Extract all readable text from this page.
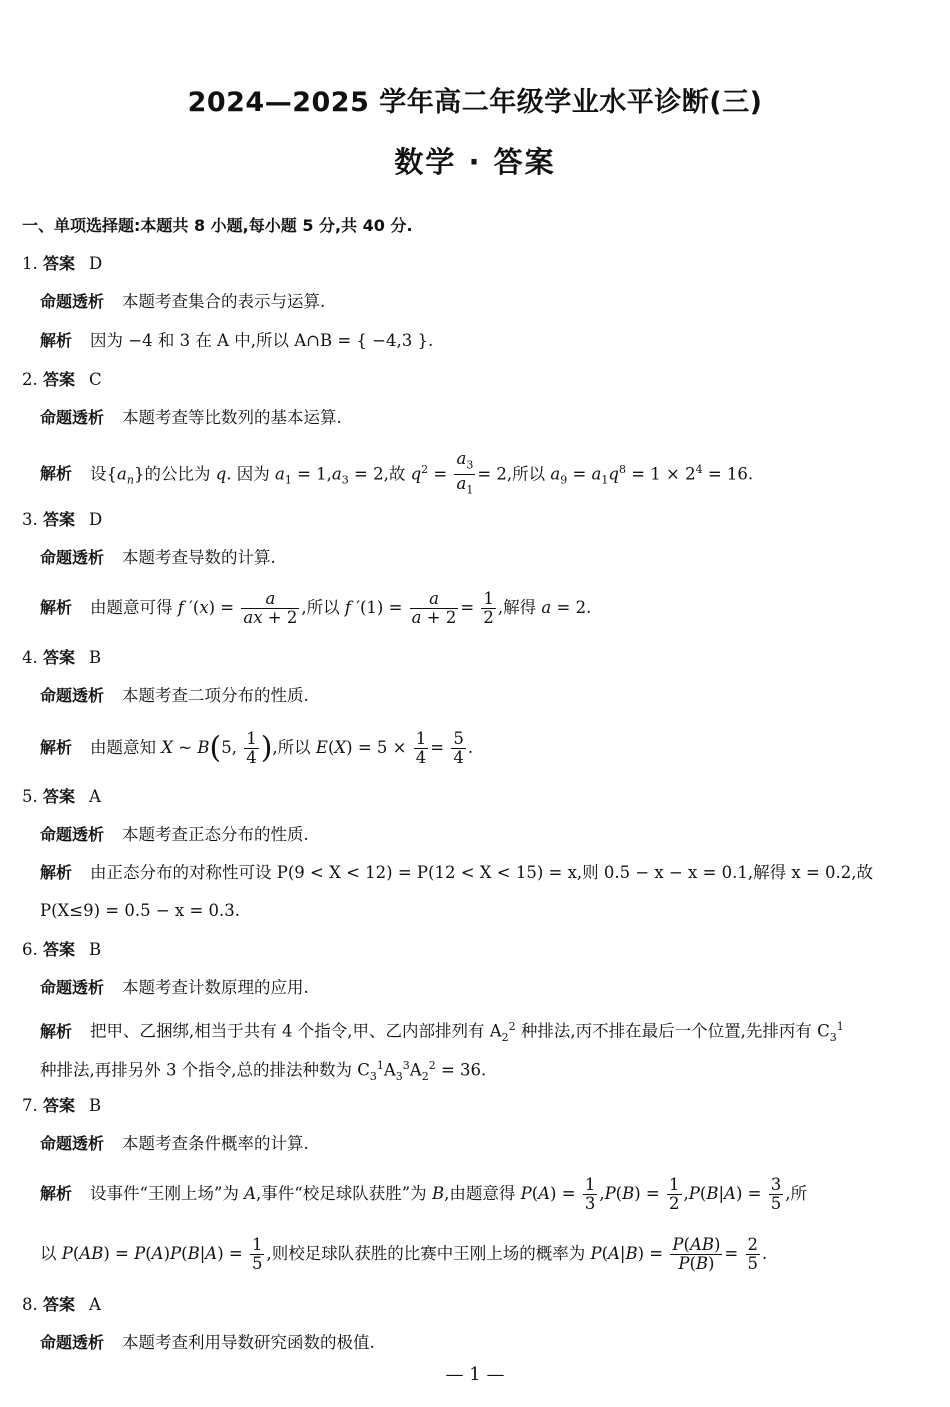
2024—2025 学年高二年级学业水平诊断(三)
数学 · 答案
一、单项选择题:本题共 8 小题,每小题 5 分,共 40 分.
1. 答案 D
命题透析 本题考查集合的表示与运算.
解析 因为 −4 和 3 在 A 中,所以 A∩B = { −4,3 }.
2. 答案 C
命题透析 本题考查等比数列的基本运算.
解析 设$\{a_n\}$的公比为 q. 因为 $a_1 = 1,a_3 = 2$,故 $q^2 = \frac{a_3}{a_1} = 2$,所以 $a_9 = a_1q^8 = 1 \times 2^4 = 16$.
3. 答案 D
命题透析 本题考查导数的计算.
解析 由题意可得 f $'(x) = \frac{a}{ax + 2}$ ,所以 f $'(1) = \frac{a}{a + 2} = \frac{1}{2}$ ,解得 a = 2.
4. 答案 B
命题透析 本题考查二项分布的性质.
解析 由题意知 X ~ B(5, $\frac{1}{4}$ ),所以 $E(X) = 5 \times \frac{1}{4} = \frac{5}{4}$ .
5. 答案 A
命题透析 本题考查正态分布的性质.
解析 由正态分布的对称性可设 P(9 < X < 12) = P(12 < X < 15) = x,则 0.5 − x − x = 0.1,解得 x = 0.2,故
P(X≤9) = 0.5 − x = 0.3.
6. 答案 B
命题透析 本题考查计数原理的应用.
解析 把甲、乙捆绑,相当于共有 4 个指令,甲、乙内部排列有 $A_2^2$ 种排法,丙不排在最后一个位置,先排丙有 $C_3^1$
种排法,再排另外 3 个指令,总的排法种数为 $C_3^1A_3^3A_2^2 = 36$.
7. 答案 B
命题透析 本题考查条件概率的计算.
解析 设事件“王刚上场”为 A,事件“校足球队获胜”为 B,由题意得 $P(A) = \frac{1}{3} ,P(B) = \frac{1}{2} ,P(B|A) = \frac{3}{5}$ ,所
以 $P(AB) = P(A)P(B|A) = \frac{1}{5}$ ,则校足球队获胜的比赛中王刚上场的概率为 $P(A|B) = \frac{P(AB)}{P(B)} = \frac{2}{5}$ .
8. 答案 A
命题透析 本题考查利用导数研究函数的极值.
— 1 —
